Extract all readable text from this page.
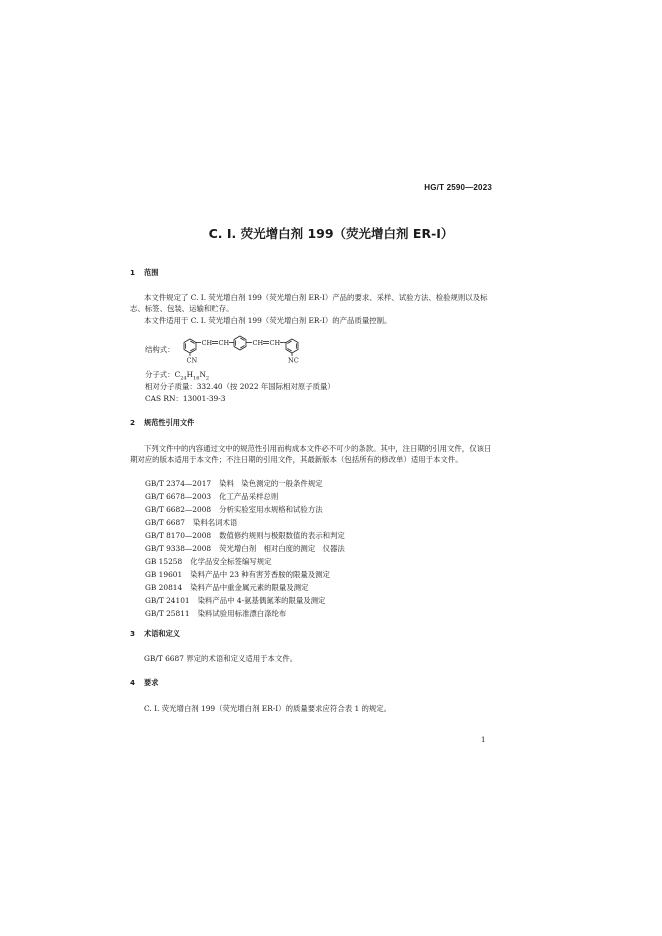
HG/T 2590—2023
C. I. 荧光增白剂 199（荧光增白剂 ER-Ⅰ）
1 范围
本文件规定了 C. I. 荧光增白剂 199（荧光增白剂 ER-Ⅰ）产品的要求、采样、试验方法、检验规则以及标志、标签、包装、运输和贮存。
本文件适用于 C. I. 荧光增白剂 199（荧光增白剂 ER-Ⅰ）的产品质量控制。
结构式：
CH CH	CH CH
CN	NC
分子式：$C_{24}H_{16}N_2$
相对分子质量：332.40（按 2022 年国际相对原子质量）
CAS RN：13001-39-3
2 规范性引用文件
下列文件中的内容通过文中的规范性引用而构成本文件必不可少的条款。其中，注日期的引用文件，仅该日期对应的版本适用于本文件；不注日期的引用文件，其最新版本（包括所有的修改单）适用于本文件。
GB/T 2374—2017 染料　染色测定的一般条件规定
GB/T 6678—2003 化工产品采样总则
GB/T 6682—2008 分析实验室用水规格和试验方法
GB/T 6687 染料名词术语
GB/T 8170—2008 数值修约规则与极限数值的表示和判定
GB/T 9338—2008 荧光增白剂　相对白度的测定　仪器法
GB 15258 化学品安全标签编写规定
GB 19601 染料产品中 23 种有害芳香胺的限量及测定
GB 20814 染料产品中重金属元素的限量及测定
GB/T 24101 染料产品中 4-氨基偶氮苯的限量及测定
GB/T 25811 染料试验用标准漂白涤纶布
3 术语和定义
GB/T 6687 界定的术语和定义适用于本文件。
4 要求
C. I. 荧光增白剂 199（荧光增白剂 ER-Ⅰ）的质量要求应符合表 1 的规定。
1
